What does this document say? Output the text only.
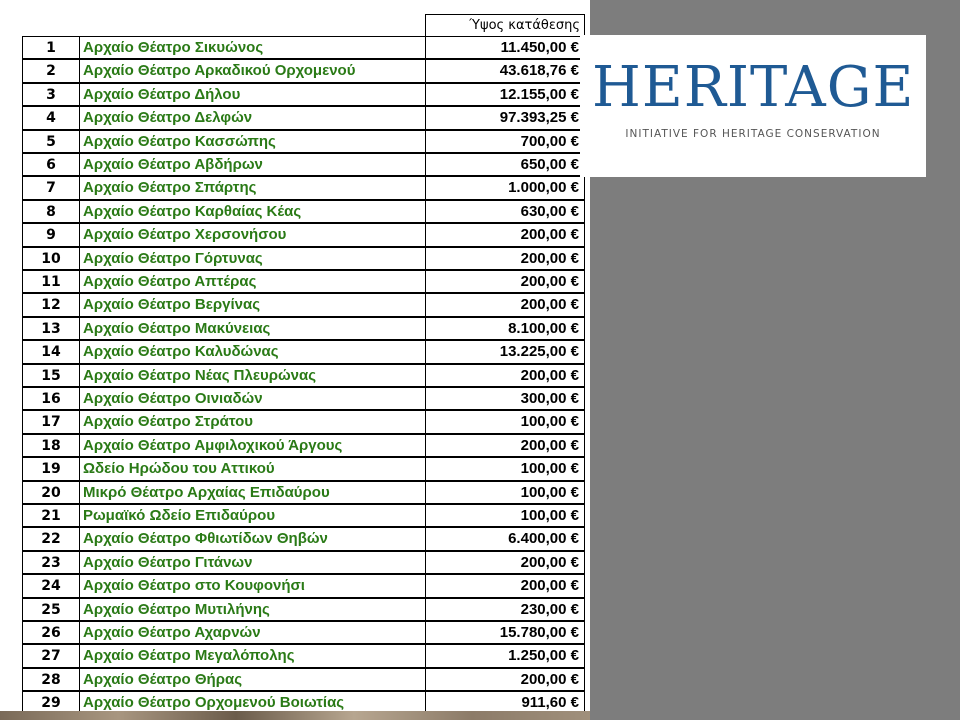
Ύψος κατάθεσης
1	Αρχαίο Θέατρο Σικυώνος	11.450,00 €
2	Αρχαίο Θέατρο Αρκαδικού Ορχομενού	43.618,76 €
3	Αρχαίο Θέατρο Δήλου	12.155,00 €
4	Αρχαίο Θέατρο Δελφών	97.393,25 €
5	Αρχαίο Θέατρο Κασσώπης	700,00 €
6	Αρχαίο Θέατρο Αβδήρων	650,00 €
7	Αρχαίο Θέατρο Σπάρτης	1.000,00 €
8	Αρχαίο Θέατρο Καρθαίας Κέας	630,00 €
9	Αρχαίο Θέατρο Χερσονήσου	200,00 €
10	Αρχαίο Θέατρο Γόρτυνας	200,00 €
11	Αρχαίο Θέατρο Απτέρας	200,00 €
12	Αρχαίο Θέατρο Βεργίνας	200,00 €
13	Αρχαίο Θέατρο Μακύνειας	8.100,00 €
14	Αρχαίο Θέατρο Καλυδώνας	13.225,00 €
15	Αρχαίο Θέατρο Νέας Πλευρώνας	200,00 €
16	Αρχαίο Θέατρο Οινιαδών	300,00 €
17	Αρχαίο Θέατρο Στράτου	100,00 €
18	Αρχαίο Θέατρο Αμφιλοχικού Άργους	200,00 €
19	Ωδείο Ηρώδου του Αττικού	100,00 €
20	Μικρό Θέατρο Αρχαίας Επιδαύρου	100,00 €
21	Ρωμαϊκό Ωδείο Επιδαύρου	100,00 €
22	Αρχαίο Θέατρο Φθιωτίδων Θηβών	6.400,00 €
23	Αρχαίο Θέατρο Γιτάνων	200,00 €
24	Αρχαίο Θέατρο στο Κουφονήσι	200,00 €
25	Αρχαίο Θέατρο Μυτιλήνης	230,00 €
26	Αρχαίο Θέατρο Αχαρνών	15.780,00 €
27	Αρχαίο Θέατρο Μεγαλόπολης	1.250,00 €
28	Αρχαίο Θέατρο Θήρας	200,00 €
29	Αρχαίο Θέατρο Ορχομενού Βοιωτίας	911,60 €
HERITAGE
INITIATIVE FOR HERITAGE CONSERVATION
